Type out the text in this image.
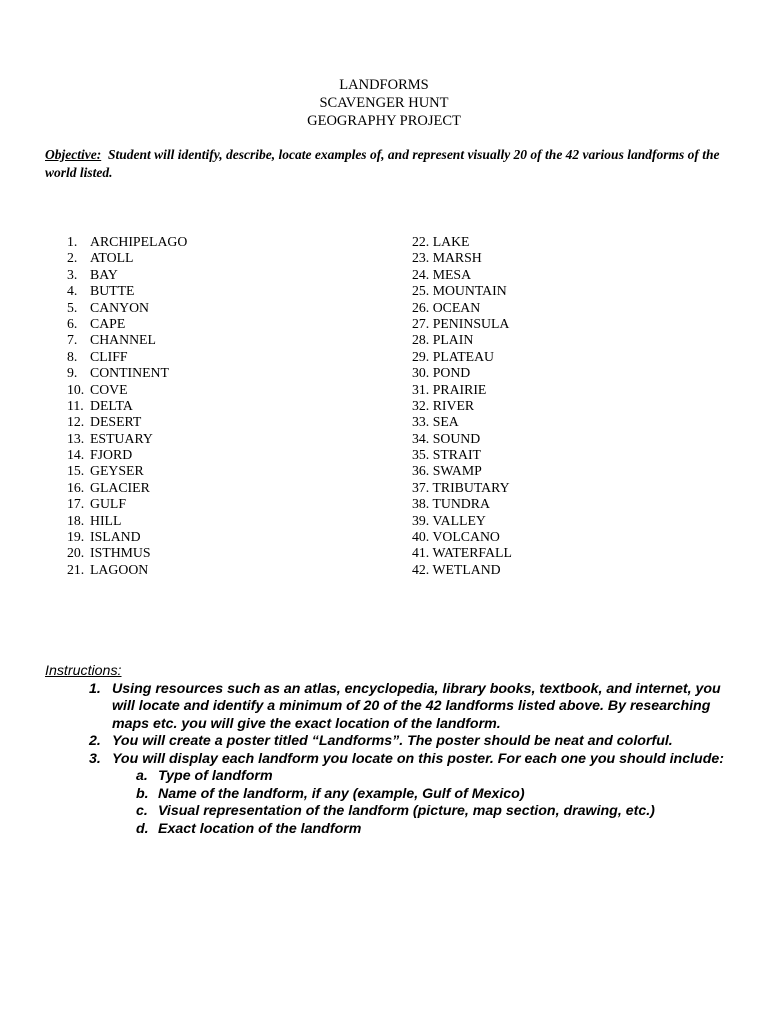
LANDFORMS
SCAVENGER HUNT
GEOGRAPHY PROJECT
Objective: Student will identify, describe, locate examples of, and represent visually 20 of the 42 various landforms of the world listed.
1. ARCHIPELAGO
2. ATOLL
3. BAY
4. BUTTE
5. CANYON
6. CAPE
7. CHANNEL
8. CLIFF
9. CONTINENT
10. COVE
11. DELTA
12. DESERT
13. ESTUARY
14. FJORD
15. GEYSER
16. GLACIER
17. GULF
18. HILL
19. ISLAND
20. ISTHMUS
21. LAGOON
22. LAKE
23. MARSH
24. MESA
25. MOUNTAIN
26. OCEAN
27. PENINSULA
28. PLAIN
29. PLATEAU
30. POND
31. PRAIRIE
32. RIVER
33. SEA
34. SOUND
35. STRAIT
36. SWAMP
37. TRIBUTARY
38. TUNDRA
39. VALLEY
40. VOLCANO
41. WATERFALL
42. WETLAND
Instructions:
1. Using resources such as an atlas, encyclopedia, library books, textbook, and internet, you will locate and identify a minimum of 20 of the 42 landforms listed above. By researching maps etc. you will give the exact location of the landform.
2. You will create a poster titled “Landforms”. The poster should be neat and colorful.
3. You will display each landform you locate on this poster. For each one you should include:
a. Type of landform
b. Name of the landform, if any (example, Gulf of Mexico)
c. Visual representation of the landform (picture, map section, drawing, etc.)
d. Exact location of the landform
